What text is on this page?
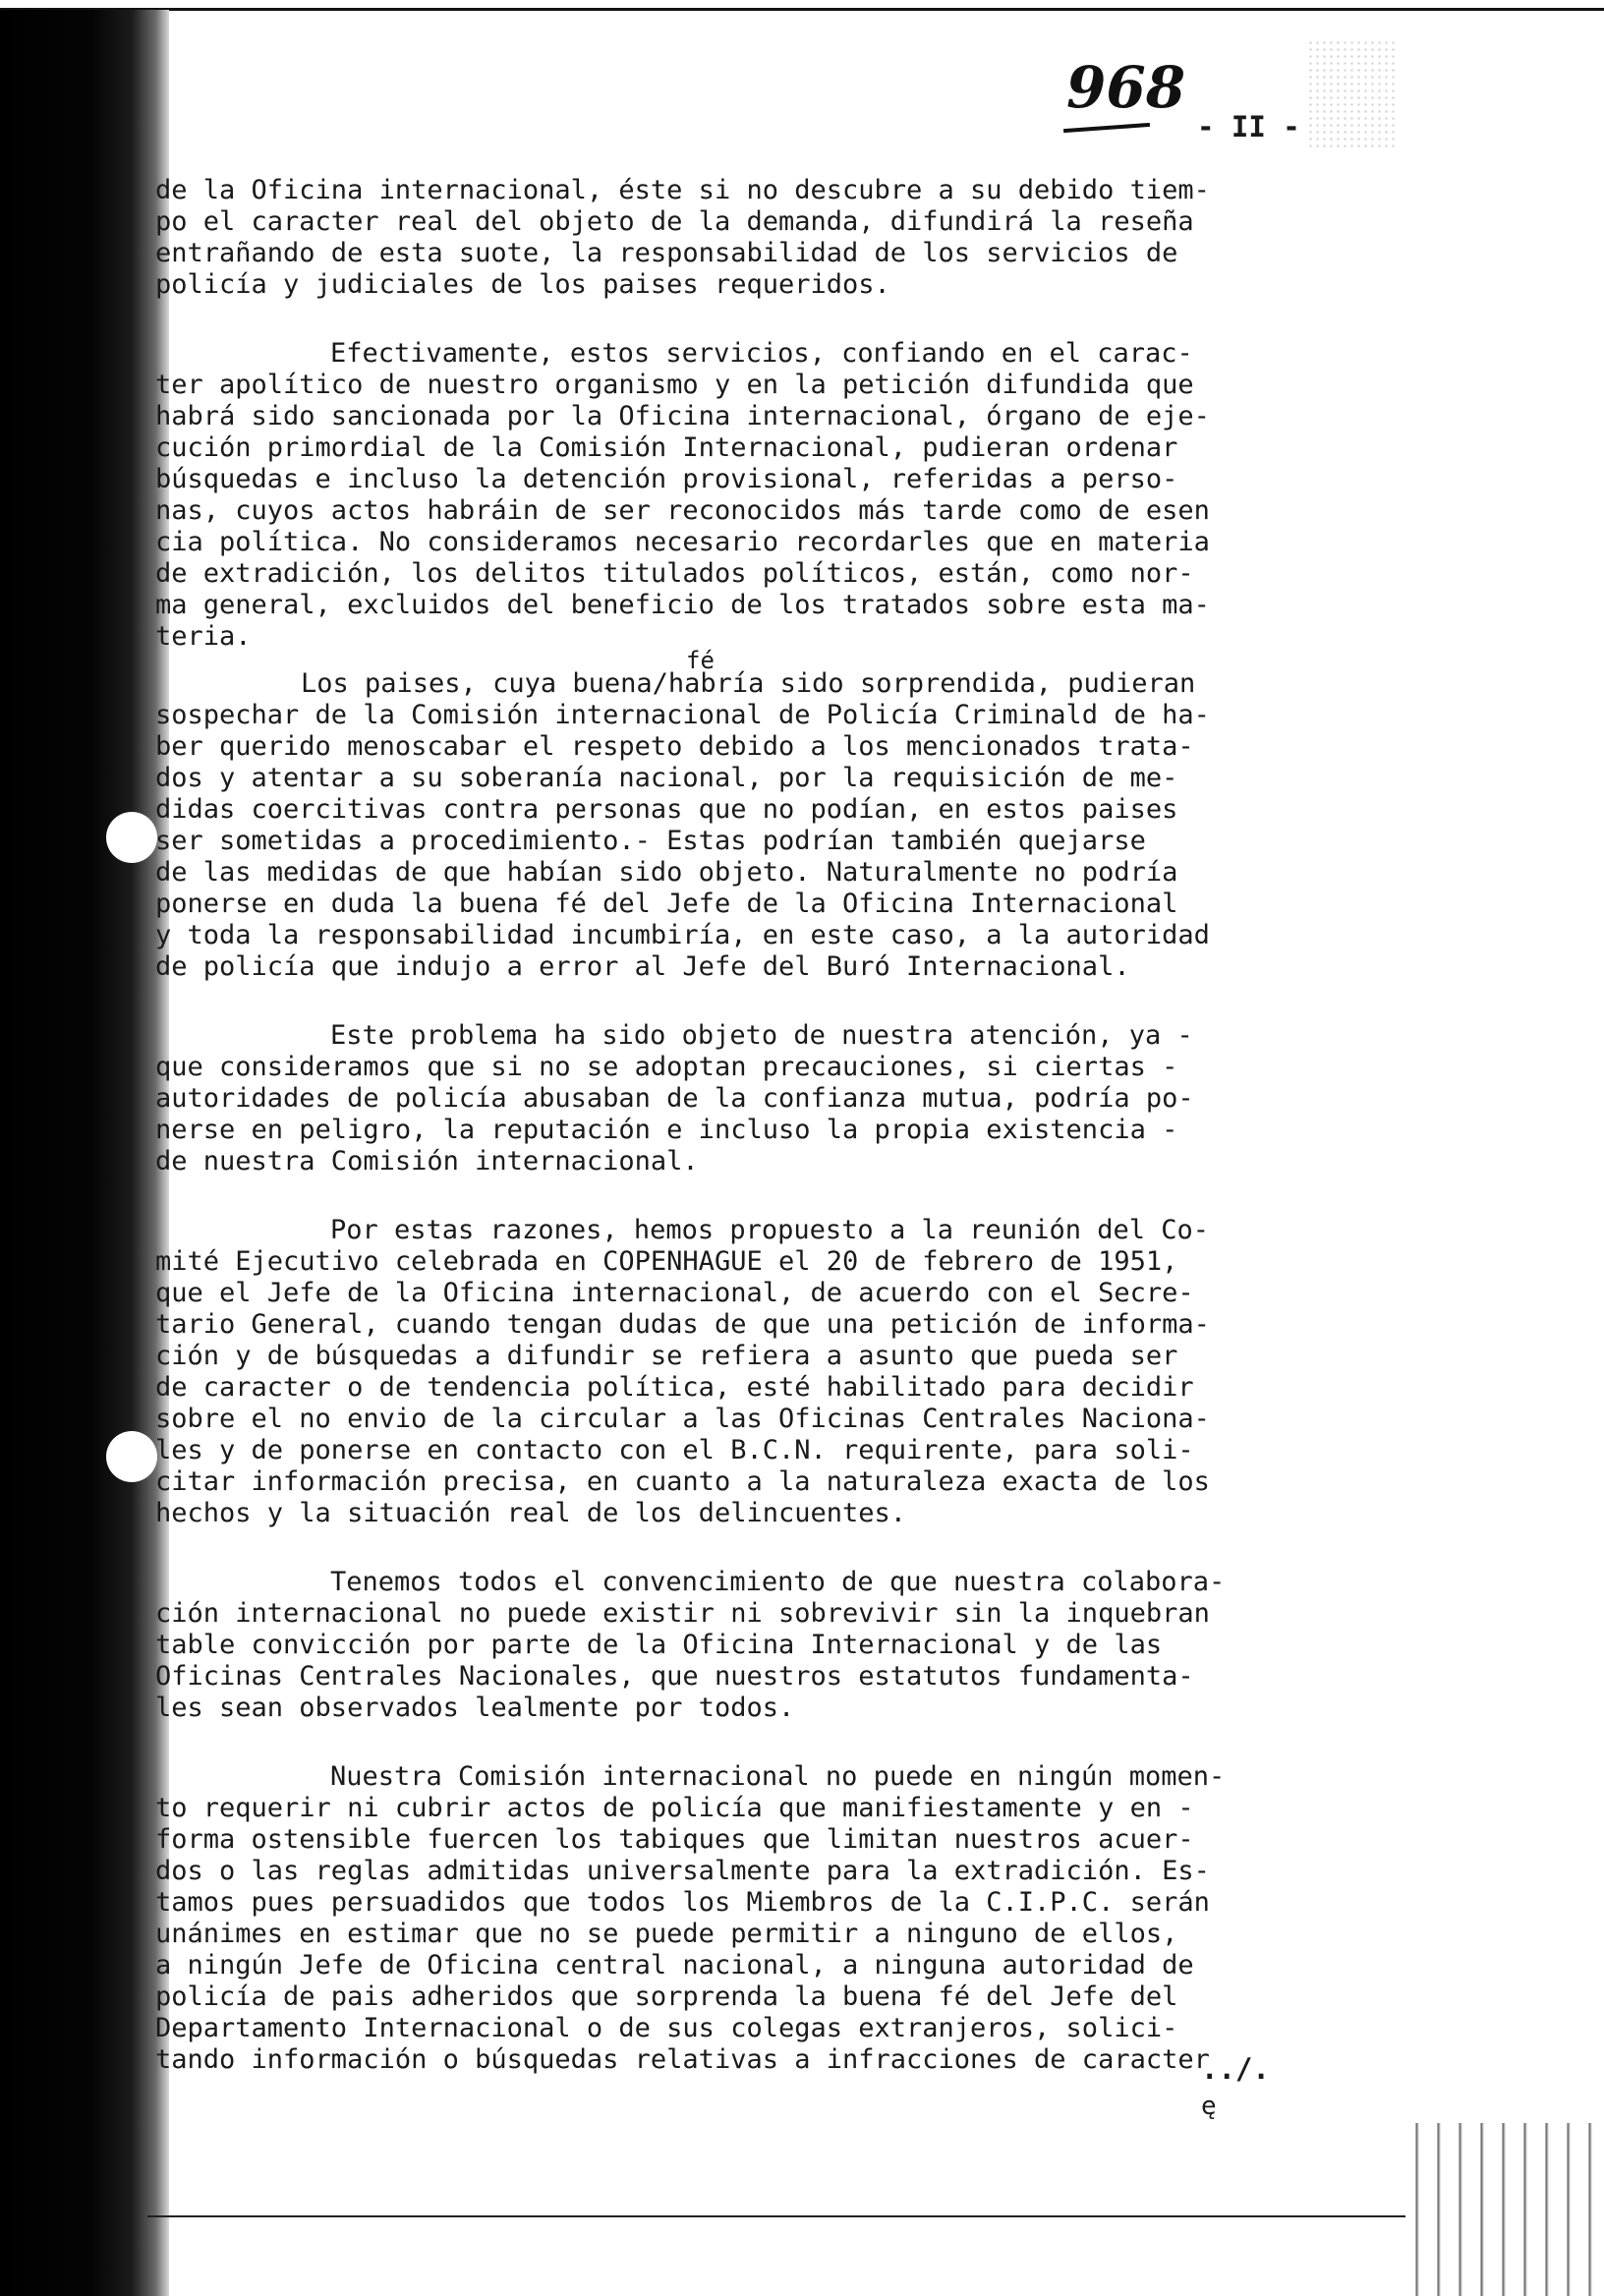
968
- II -
de la Oficina internacional, éste si no descubre a su debido tiem-
po el caracter real del objeto de la demanda, difundirá la reseña
entrañando de esta suote, la responsabilidad de los servicios de
policía y judiciales de los paises requeridos.
Efectivamente, estos servicios, confiando en el carac-
ter apolítico de nuestro organismo y en la petición difundida que
habrá sido sancionada por la Oficina internacional, órgano de eje-
cución primordial de la Comisión Internacional, pudieran ordenar
búsquedas e incluso la detención provisional, referidas a perso-
nas, cuyos actos habráin de ser reconocidos más tarde como de esen
cia política. No consideramos necesario recordarles que en materia
de extradición, los delitos titulados políticos, están, como nor-
ma general, excluidos del beneficio de los tratados sobre esta ma-
teria.
fé
Los paises, cuya buena/habría sido sorprendida, pudieran
sospechar de la Comisión internacional de Policía Criminald de ha-
ber querido menoscabar el respeto debido a los mencionados trata-
dos y atentar a su soberanía nacional, por la requisición de me-
didas coercitivas contra personas que no podían, en estos paises
ser sometidas a procedimiento.- Estas podrían también quejarse
de las medidas de que habían sido objeto. Naturalmente no podría
ponerse en duda la buena fé del Jefe de la Oficina Internacional
y toda la responsabilidad incumbiría, en este caso, a la autoridad
de policía que indujo a error al Jefe del Buró Internacional.
Este problema ha sido objeto de nuestra atención, ya -
que consideramos que si no se adoptan precauciones, si ciertas -
autoridades de policía abusaban de la confianza mutua, podría po-
nerse en peligro, la reputación e incluso la propia existencia -
de nuestra Comisión internacional.
Por estas razones, hemos propuesto a la reunión del Co-
mité Ejecutivo celebrada en COPENHAGUE el 20 de febrero de 1951,
que el Jefe de la Oficina internacional, de acuerdo con el Secre-
tario General, cuando tengan dudas de que una petición de informa-
ción y de búsquedas a difundir se refiera a asunto que pueda ser
de caracter o de tendencia política, esté habilitado para decidir
sobre el no envio de la circular a las Oficinas Centrales Naciona-
les y de ponerse en contacto con el B.C.N. requirente, para soli-
citar información precisa, en cuanto a la naturaleza exacta de los
hechos y la situación real de los delincuentes.
Tenemos todos el convencimiento de que nuestra colabora-
ción internacional no puede existir ni sobrevivir sin la inquebran
table convicción por parte de la Oficina Internacional y de las
Oficinas Centrales Nacionales, que nuestros estatutos fundamenta-
les sean observados lealmente por todos.
Nuestra Comisión internacional no puede en ningún momen-
to requerir ni cubrir actos de policía que manifiestamente y en -
forma ostensible fuercen los tabiques que limitan nuestros acuer-
dos o las reglas admitidas universalmente para la extradición. Es-
tamos pues persuadidos que todos los Miembros de la C.I.P.C. serán
unánimes en estimar que no se puede permitir a ninguno de ellos,
a ningún Jefe de Oficina central nacional, a ninguna autoridad de
policía de pais adheridos que sorprenda la buena fé del Jefe del
Departamento Internacional o de sus colegas extranjeros, solici-
tando información o búsquedas relativas a infracciones de caracter
../.
ę
